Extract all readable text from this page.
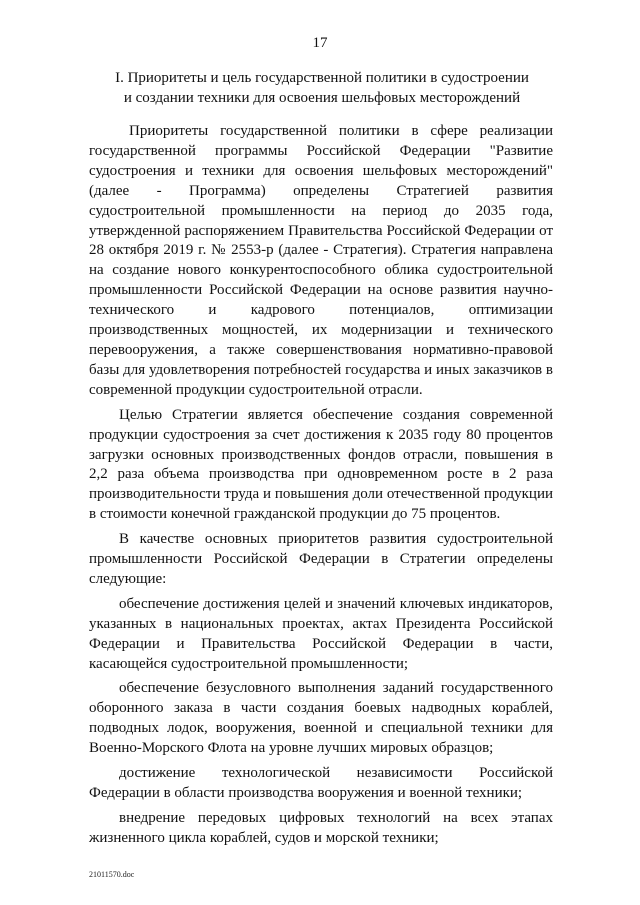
17
I. Приоритеты и цель государственной политики в судостроении
и создании техники для освоения шельфовых месторождений

Приоритеты государственной политики в сфере реализации государственной программы Российской Федерации "Развитие судостроения и техники для освоения шельфовых месторождений" (далее - Программа) определены Стратегией развития судостроительной промышленности на период до 2035 года, утвержденной распоряжением Правительства Российской Федерации от 28 октября 2019 г. № 2553-р (далее - Стратегия). Стратегия направлена на создание нового конкурентоспособного облика судостроительной промышленности Российской Федерации на основе развития научно-технического и кадрового потенциалов, оптимизации производственных мощностей, их модернизации и технического перевооружения, а также совершенствования нормативно-правовой базы для удовлетворения потребностей государства и иных заказчиков в современной продукции судостроительной отрасли.

Целью Стратегии является обеспечение создания современной продукции судостроения за счет достижения к 2035 году 80 процентов загрузки основных производственных фондов отрасли, повышения в 2,2 раза объема производства при одновременном росте в 2 раза производительности труда и повышения доли отечественной продукции в стоимости конечной гражданской продукции до 75 процентов.

В качестве основных приоритетов развития судостроительной промышленности Российской Федерации в Стратегии определены следующие:

обеспечение достижения целей и значений ключевых индикаторов, указанных в национальных проектах, актах Президента Российской Федерации и Правительства Российской Федерации в части, касающейся судостроительной промышленности;

обеспечение безусловного выполнения заданий государственного оборонного заказа в части создания боевых надводных кораблей, подводных лодок, вооружения, военной и специальной техники для Военно-Морского Флота на уровне лучших мировых образцов;

достижение технологической независимости Российской Федерации в области производства вооружения и военной техники;

внедрение передовых цифровых технологий на всех этапах жизненного цикла кораблей, судов и морской техники;

21011570.doc
